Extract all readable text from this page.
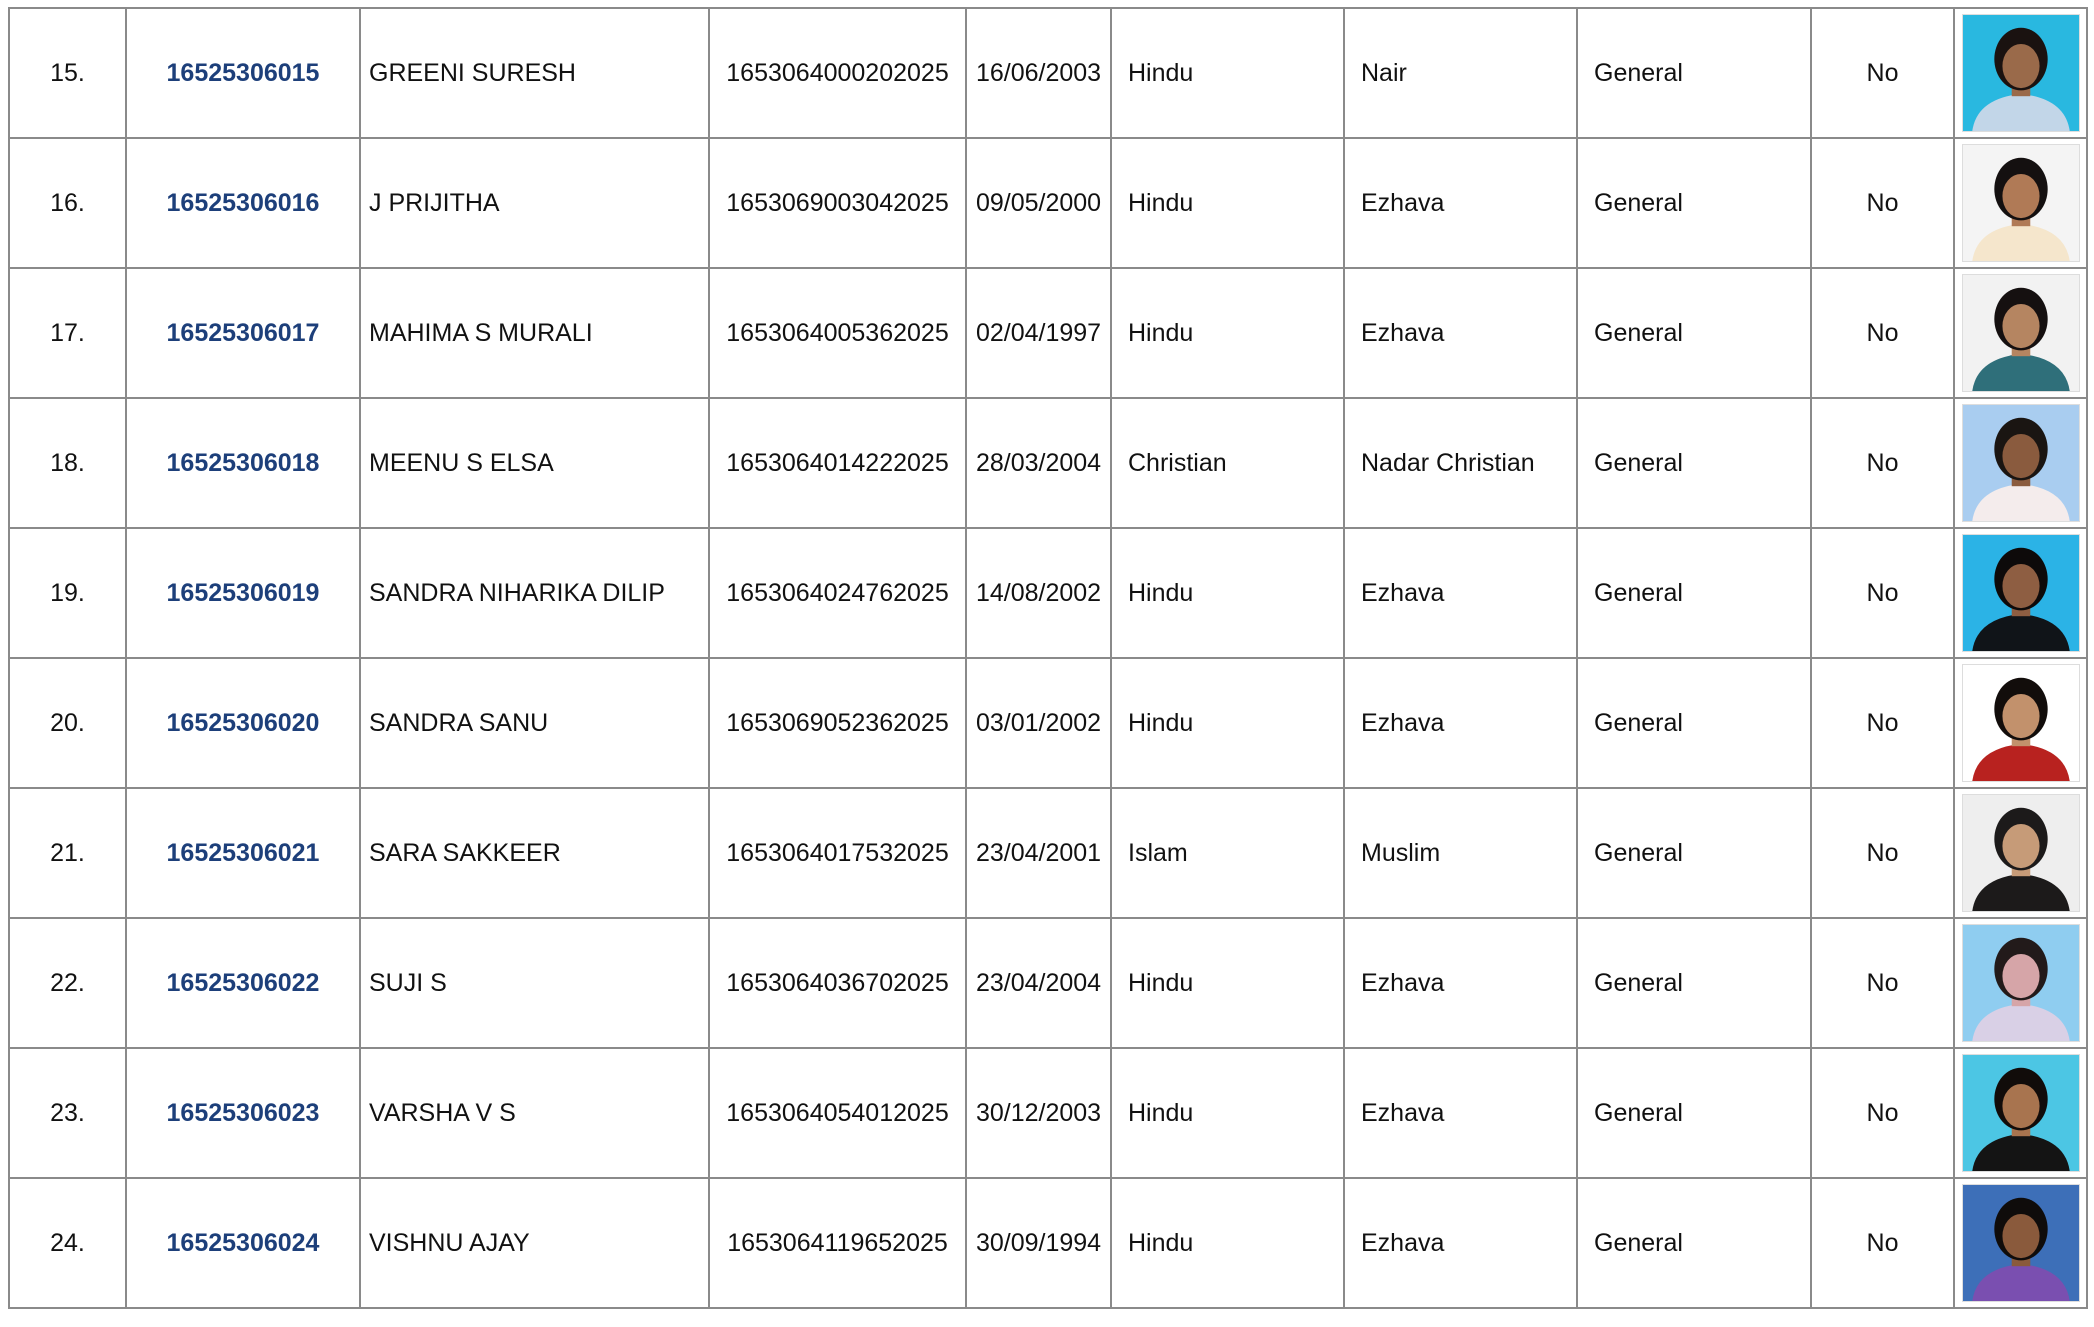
15.	16525306015	GREENI SURESH	1653064000202025	16/06/2003	Hindu	Nair	General	No	

16.	16525306016	J PRIJITHA	1653069003042025	09/05/2000	Hindu	Ezhava	General	No	

17.	16525306017	MAHIMA S MURALI	1653064005362025	02/04/1997	Hindu	Ezhava	General	No	

18.	16525306018	MEENU S ELSA	1653064014222025	28/03/2004	Christian	Nadar Christian	General	No	

19.	16525306019	SANDRA NIHARIKA DILIP	1653064024762025	14/08/2002	Hindu	Ezhava	General	No	

20.	16525306020	SANDRA SANU	1653069052362025	03/01/2002	Hindu	Ezhava	General	No	

21.	16525306021	SARA SAKKEER	1653064017532025	23/04/2001	Islam	Muslim	General	No	

22.	16525306022	SUJI S	1653064036702025	23/04/2004	Hindu	Ezhava	General	No	

23.	16525306023	VARSHA V S	1653064054012025	30/12/2003	Hindu	Ezhava	General	No	

24.	16525306024	VISHNU AJAY	1653064119652025	30/09/1994	Hindu	Ezhava	General	No	
